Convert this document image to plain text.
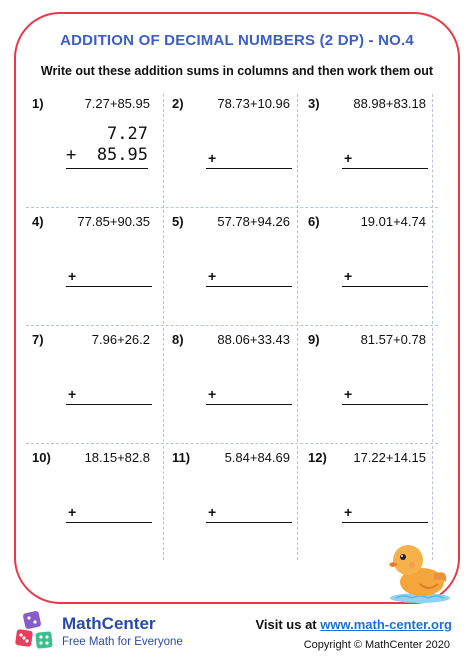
ADDITION OF DECIMAL NUMBERS (2 DP) - NO.4
Write out these addition sums in columns and then work them out
1)	7.27+85.95
7.27
+ 85.95
2)	78.73+10.96
+
3)	88.98+83.18
+
4)	77.85+90.35
+
5)	57.78+94.26
+
6)	19.01+4.74
+
7)	7.96+26.2
+
8)	88.06+33.43
+
9)	81.57+0.78
+
10)	18.15+82.8
+
11)	5.84+84.69
+
12) 17.22+14.15
+
MathCenter
Free Math for Everyone
Visit us at www.math-center.org
Copyright © MathCenter 2020
